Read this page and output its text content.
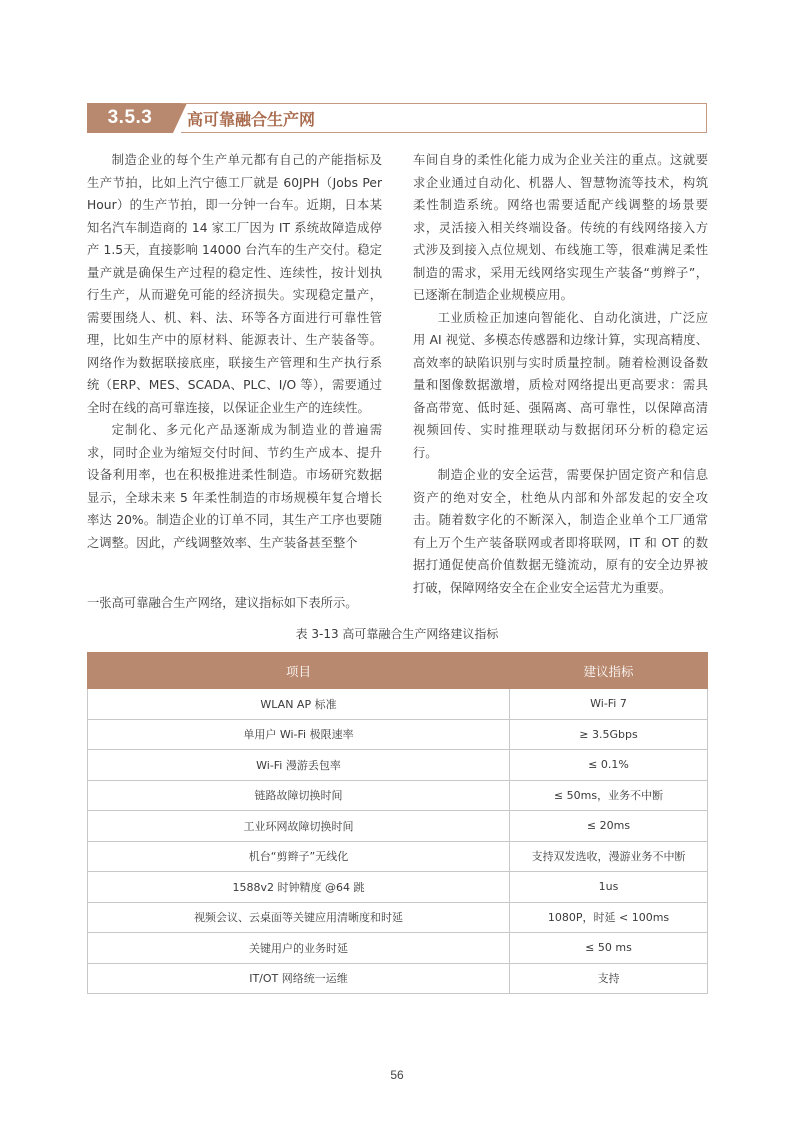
3.5.3	高可靠融合生产网

制造企业的每个生产单元都有自己的产能指标及生产节拍，比如上汽宁德工厂就是 60JPH（Jobs Per Hour）的生产节拍，即一分钟一台车。近期，日本某知名汽车制造商的 14 家工厂因为 IT 系统故障造成停产 1.5天，直接影响 14000 台汽车的生产交付。稳定量产就是确保生产过程的稳定性、连续性，按计划执行生产，从而避免可能的经济损失。实现稳定量产，需要围绕人、机、料、法、环等各方面进行可靠性管理，比如生产中的原材料、能源表计、生产装备等。网络作为数据联接底座，联接生产管理和生产执行系统（ERP、MES、SCADA、PLC、I/O 等），需要通过全时在线的高可靠连接，以保证企业生产的连续性。

定制化、多元化产品逐渐成为制造业的普遍需求，同时企业为缩短交付时间、节约生产成本、提升设备利用率，也在积极推进柔性制造。市场研究数据显示，全球未来 5 年柔性制造的市场规模年复合增长率达 20%。制造企业的订单不同，其生产工序也要随之调整。因此，产线调整效率、生产装备甚至整个

车间自身的柔性化能力成为企业关注的重点。这就要求企业通过自动化、机器人、智慧物流等技术，构筑柔性制造系统。网络也需要适配产线调整的场景要求，灵活接入相关终端设备。传统的有线网络接入方式涉及到接入点位规划、布线施工等，很难满足柔性制造的需求，采用无线网络实现生产装备“剪辫子”，已逐渐在制造企业规模应用。

工业质检正加速向智能化、自动化演进，广泛应用 AI 视觉、多模态传感器和边缘计算，实现高精度、高效率的缺陷识别与实时质量控制。随着检测设备数量和图像数据激增，质检对网络提出更高要求：需具备高带宽、低时延、强隔离、高可靠性，以保障高清视频回传、实时推理联动与数据闭环分析的稳定运行。

制造企业的安全运营，需要保护固定资产和信息资产的绝对安全，杜绝从内部和外部发起的安全攻击。随着数字化的不断深入，制造企业单个工厂通常有上万个生产装备联网或者即将联网，IT 和 OT 的数据打通促使高价值数据无缝流动，原有的安全边界被打破，保障网络安全在企业安全运营尤为重要。

一张高可靠融合生产网络，建议指标如下表所示。

表 3-13 高可靠融合生产网络建议指标

项目	建议指标
WLAN AP 标准	Wi-Fi 7
单用户 Wi-Fi 极限速率	≥ 3.5Gbps
Wi-Fi 漫游丢包率	≤ 0.1%
链路故障切换时间	≤ 50ms，业务不中断
工业环网故障切换时间	≤ 20ms
机台“剪辫子”无线化	支持双发选收，漫游业务不中断
1588v2 时钟精度 @64 跳	1us
视频会议、云桌面等关键应用清晰度和时延	1080P，时延 < 100ms
关键用户的业务时延	≤ 50 ms
IT/OT 网络统一运维	支持
56
